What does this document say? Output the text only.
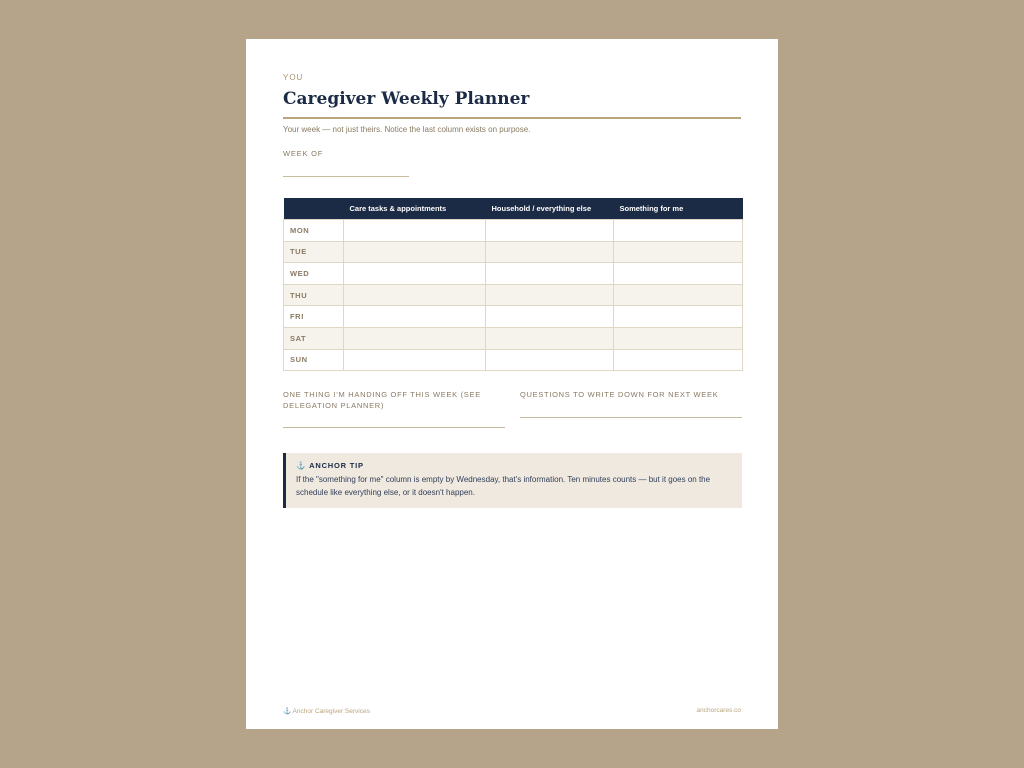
YOU
Caregiver Weekly Planner
Your week — not just theirs. Notice the last column exists on purpose.
WEEK OF
	Care tasks & appointments	Household / everything else	Something for me
MON			
TUE			
WED			
THU			
FRI			
SAT			
SUN			
ONE THING I'M HANDING OFF THIS WEEK (SEE DELEGATION PLANNER)
QUESTIONS TO WRITE DOWN FOR NEXT WEEK
⚓ ANCHOR TIP
If the "something for me" column is empty by Wednesday, that's information. Ten minutes counts — but it goes on the schedule like everything else, or it doesn't happen.
⚓ Anchor Caregiver Services	anchorcares.co
